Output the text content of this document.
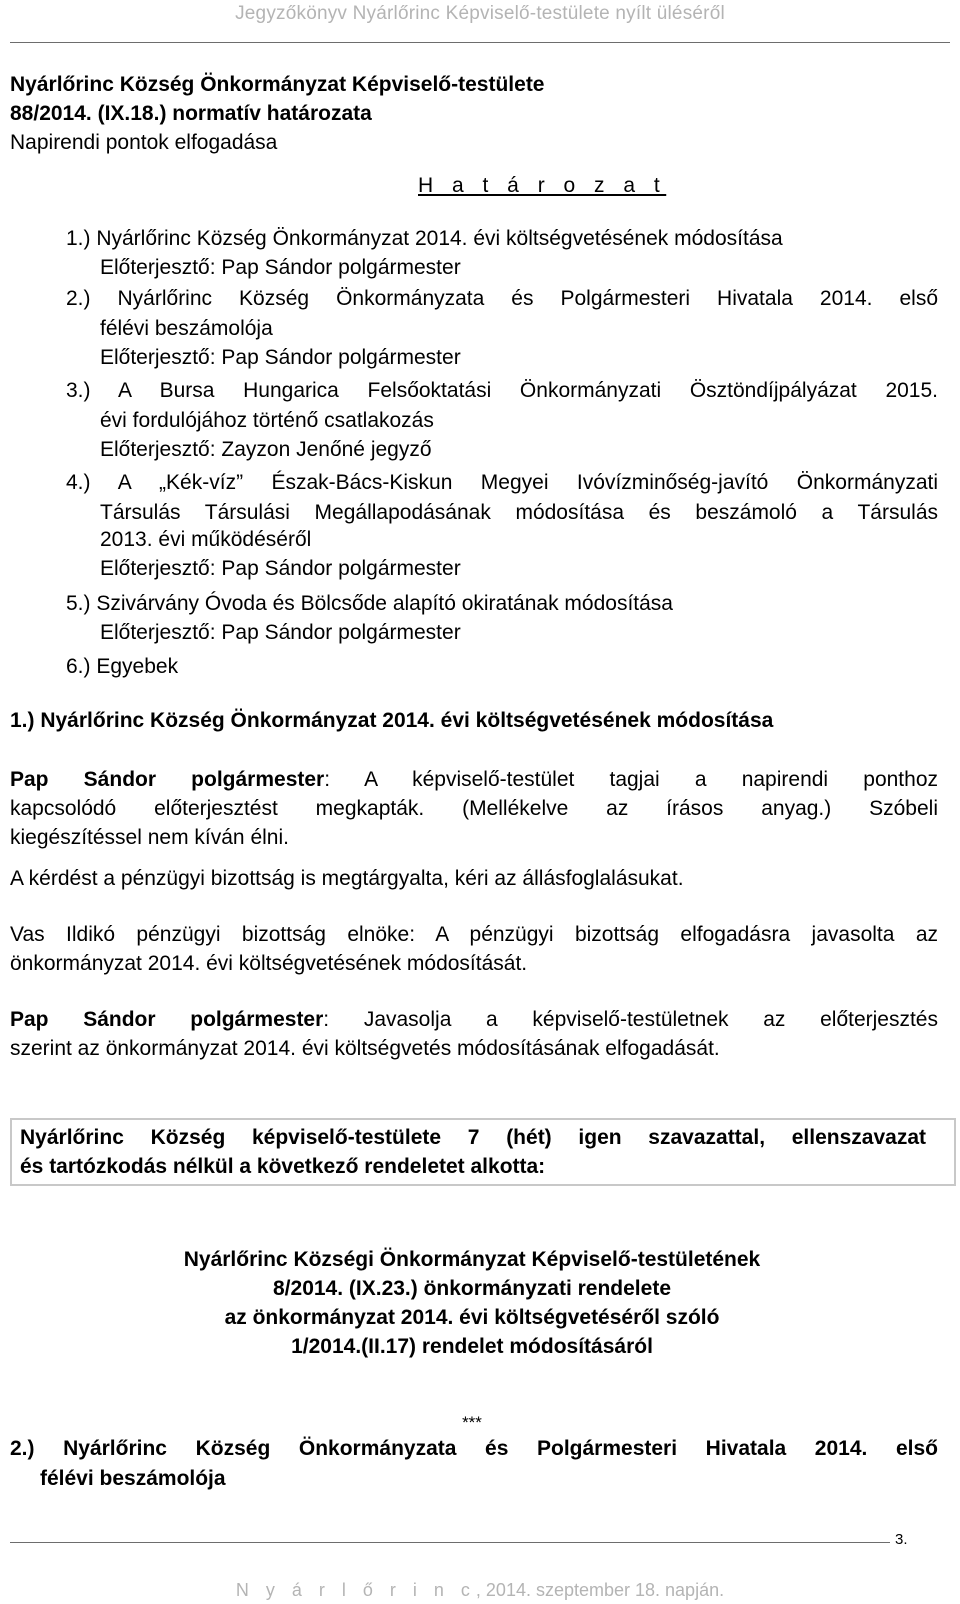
Jegyzőkönyv Nyárlőrinc Képviselő-testülete nyílt üléséről
Nyárlőrinc Község Önkormányzat Képviselő-testülete
88/2014. (IX.18.) normatív határozata
Napirendi pontok elfogadása
H a t á r o z a t
1.) Nyárlőrinc Község Önkormányzat 2014. évi költségvetésének módosítása
Előterjesztő: Pap Sándor polgármester
2.) Nyárlőrinc Község Önkormányzata és Polgármesteri Hivatala 2014. első
félévi beszámolója
Előterjesztő: Pap Sándor polgármester
3.) A Bursa Hungarica Felsőoktatási Önkormányzati Ösztöndíjpályázat 2015.
évi fordulójához történő csatlakozás
Előterjesztő: Zayzon Jenőné jegyző
4.) A „Kék-víz” Észak-Bács-Kiskun Megyei Ivóvízminőség-javító Önkormányzati
Társulás Társulási Megállapodásának módosítása és beszámoló a Társulás
2013. évi működéséről
Előterjesztő: Pap Sándor polgármester
5.) Szivárvány Óvoda és Bölcsőde alapító okiratának módosítása
Előterjesztő: Pap Sándor polgármester
6.) Egyebek
1.) Nyárlőrinc Község Önkormányzat 2014. évi költségvetésének módosítása
Pap Sándor polgármester: A képviselő-testület tagjai a napirendi ponthoz
kapcsolódó előterjesztést megkapták. (Mellékelve az írásos anyag.) Szóbeli
kiegészítéssel nem kíván élni.
A kérdést a pénzügyi bizottság is megtárgyalta, kéri az állásfoglalásukat.
Vas Ildikó pénzügyi bizottság elnöke: A pénzügyi bizottság elfogadásra javasolta az
önkormányzat 2014. évi költségvetésének módosítását.
Pap Sándor polgármester: Javasolja a képviselő-testületnek az előterjesztés
szerint az önkormányzat 2014. évi költségvetés módosításának elfogadását.
Nyárlőrinc Község képviselő-testülete 7 (hét) igen szavazattal, ellenszavazat
és tartózkodás nélkül a következő rendeletet alkotta:
Nyárlőrinc Községi Önkormányzat Képviselő-testületének
8/2014. (IX.23.) önkormányzati rendelete
az önkormányzat 2014. évi költségvetéséről szóló
1/2014.(II.17) rendelet módosításáról
***
2.) Nyárlőrinc Község Önkormányzata és Polgármesteri Hivatala 2014. első
félévi beszámolója
3.
N y á r l ő r i n c, 2014. szeptember 18. napján.
